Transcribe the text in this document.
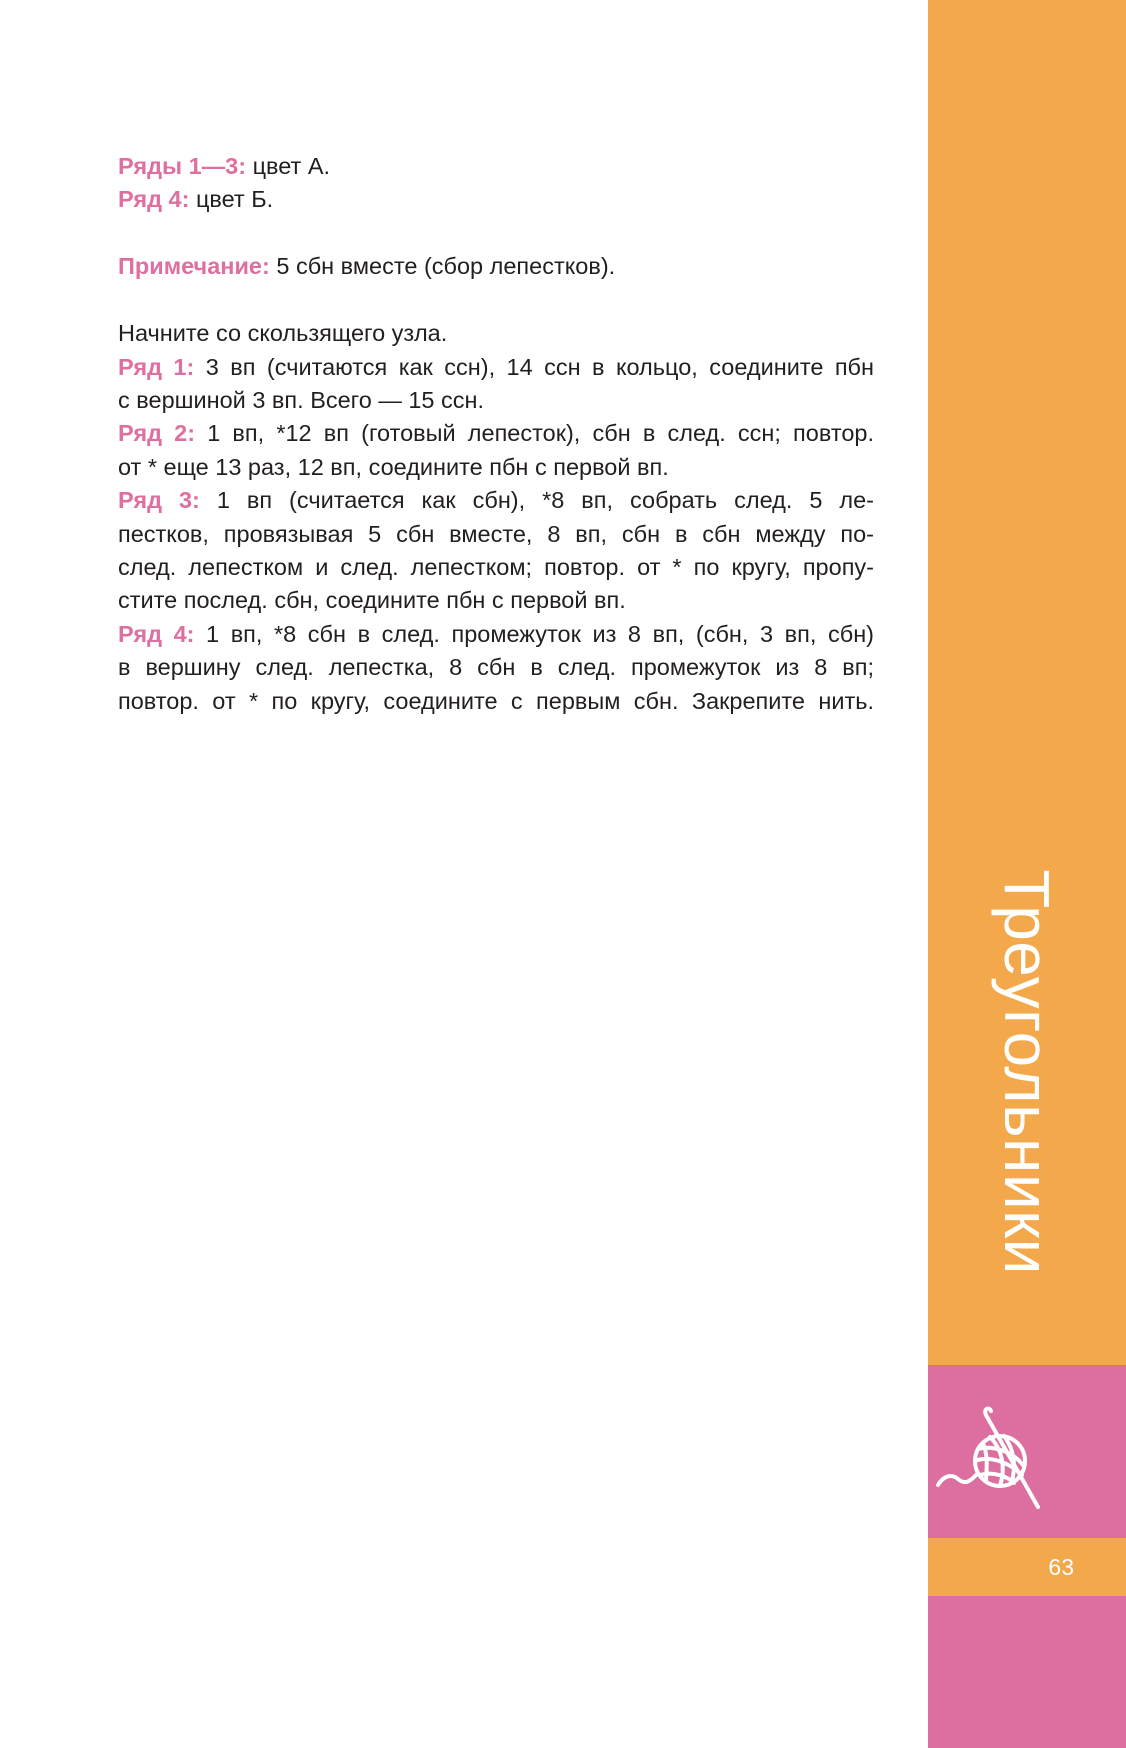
Ряды 1—3: цвет А.
Ряд 4: цвет Б.
Примечание: 5 сбн вместе (сбор лепестков).
Начните со скользящего узла.
Ряд 1: 3 вп (считаются как ссн), 14 ссн в кольцо, соедините пбн
с вершиной 3 вп. Всего — 15 ссн.
Ряд 2: 1 вп, *12 вп (готовый лепесток), сбн в след. ссн; повтор.
от * еще 13 раз, 12 вп, соедините пбн с первой вп.
Ряд 3: 1 вп (считается как сбн), *8 вп, собрать след. 5 ле-
пестков, провязывая 5 сбн вместе, 8 вп, сбн в сбн между по-
след. лепестком и след. лепестком; повтор. от * по кругу, пропу-
стите послед. сбн, соедините пбн с первой вп.
Ряд 4: 1 вп, *8 сбн в след. промежуток из 8 вп, (сбн, 3 вп, сбн)
в вершину след. лепестка, 8 сбн в след. промежуток из 8 вп;
повтор. от * по кругу, соедините с первым сбн. Закрепите нить.
Треугольники
63
